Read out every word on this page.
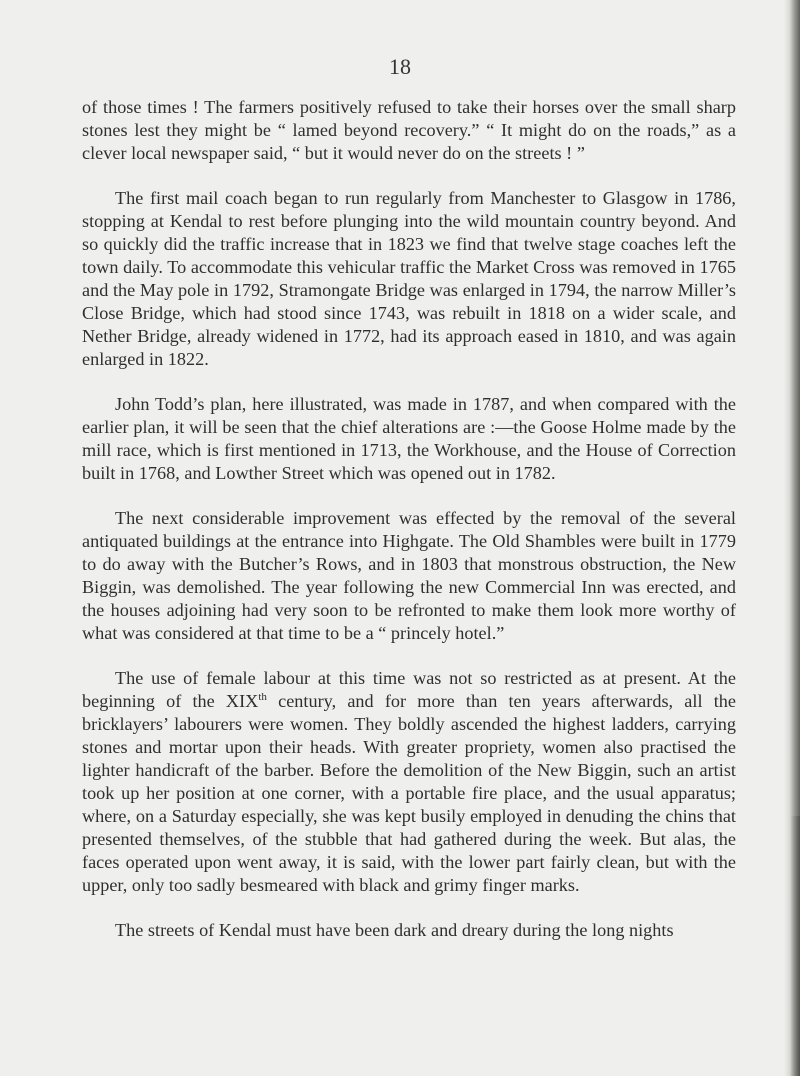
18

of those times ! The farmers positively refused to take their horses over the small sharp stones lest they might be “ lamed beyond recovery.” “ It might do on the roads,” as a clever local newspaper said, “ but it would never do on the streets ! ”

The first mail coach began to run regularly from Manchester to Glasgow in 1786, stopping at Kendal to rest before plunging into the wild mountain country beyond. And so quickly did the traffic increase that in 1823 we find that twelve stage coaches left the town daily. To accommodate this vehicular traffic the Market Cross was removed in 1765 and the May pole in 1792, Stramongate Bridge was enlarged in 1794, the narrow Miller’s Close Bridge, which had stood since 1743, was rebuilt in 1818 on a wider scale, and Nether Bridge, already widened in 1772, had its approach eased in 1810, and was again enlarged in 1822.

John Todd’s plan, here illustrated, was made in 1787, and when compared with the earlier plan, it will be seen that the chief alterations are :—the Goose Holme made by the mill race, which is first mentioned in 1713, the Workhouse, and the House of Correction built in 1768, and Lowther Street which was opened out in 1782.

The next considerable improvement was effected by the removal of the several antiquated buildings at the entrance into Highgate. The Old Shambles were built in 1779 to do away with the Butcher’s Rows, and in 1803 that monstrous obstruction, the New Biggin, was demolished. The year following the new Commercial Inn was erected, and the houses adjoining had very soon to be refronted to make them look more worthy of what was considered at that time to be a “ princely hotel.”

The use of female labour at this time was not so restricted as at present. At the beginning of the XIXth century, and for more than ten years afterwards, all the bricklayers’ labourers were women. They boldly ascended the highest ladders, carrying stones and mortar upon their heads. With greater propriety, women also practised the lighter handicraft of the barber. Before the demolition of the New Biggin, such an artist took up her position at one corner, with a portable fire place, and the usual apparatus; where, on a Saturday especially, she was kept busily employed in denuding the chins that presented themselves, of the stubble that had gathered during the week. But alas, the faces operated upon went away, it is said, with the lower part fairly clean, but with the upper, only too sadly besmeared with black and grimy finger marks.

The streets of Kendal must have been dark and dreary during the long nights
